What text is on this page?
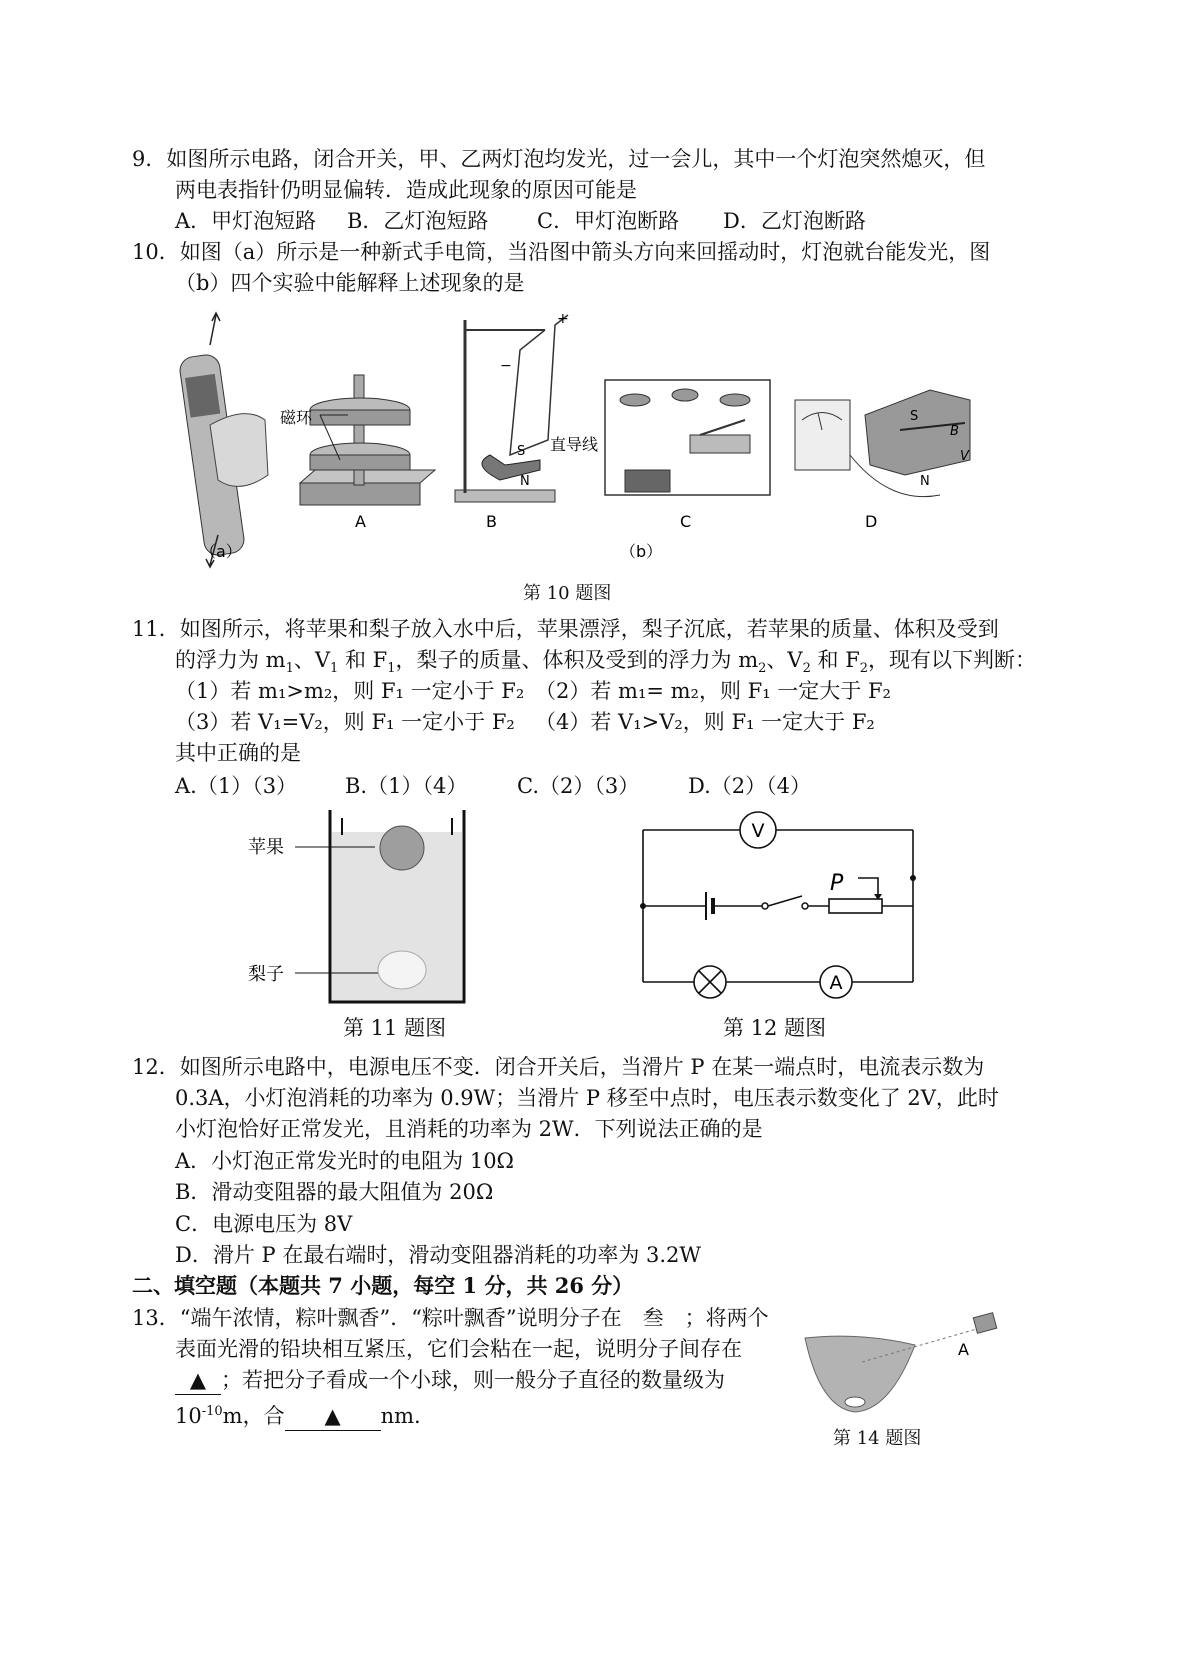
9．如图所示电路，闭合开关，甲、乙两灯泡均发光，过一会儿，其中一个灯泡突然熄灭，但
两电表指针仍明显偏转．造成此现象的原因可能是
A．甲灯泡短路 B．乙灯泡短路 C．甲灯泡断路 D．乙灯泡断路
10．如图（a）所示是一种新式手电筒，当沿图中箭头方向来回摇动时，灯泡就台能发光，图
（b）四个实验中能解释上述现象的是
磁环
S
N
直导线
+
−
S
N
B
V
A	B	C	D
（a）	（b）
第 10 题图
11．如图所示，将苹果和梨子放入水中后，苹果漂浮，梨子沉底，若苹果的质量、体积及受到
的浮力为 $m_1$、$V_1$ 和 $F_1$，梨子的质量、体积及受到的浮力为 $m_2$、$V_2$ 和 $F_2$，现有以下判断：
（1）若 m₁>m₂，则 F₁ 一定小于 F₂ （2）若 m₁= m₂，则 F₁ 一定大于 F₂
（3）若 V₁=V₂，则 F₁ 一定小于 F₂ （4）若 V₁>V₂，则 F₁ 一定大于 F₂
其中正确的是
A.（1）（3） B.（1）（4） C.（2）（3） D.（2）（4）
苹果
梨子
第 11 题图
V
A
P
第 12 题图
12．如图所示电路中，电源电压不变．闭合开关后，当滑片 P 在某一端点时，电流表示数为
0.3A，小灯泡消耗的功率为 0.9W；当滑片 P 移至中点时，电压表示数变化了 2V，此时
小灯泡恰好正常发光，且消耗的功率为 2W．下列说法正确的是
A．小灯泡正常发光时的电阻为 10Ω
B．滑动变阻器的最大阻值为 20Ω
C．电源电压为 8V
D．滑片 P 在最右端时，滑动变阻器消耗的功率为 3.2W
二、填空题（本题共 7 小题，每空 1 分，共 26 分）
13．“端午浓情，粽叶飘香”．“粽叶飘香”说明分子在　叁　；将两个
表面光滑的铅块相互紧压，它们会粘在一起，说明分子间存在
▲ ；若把分子看成一个小球，则一般分子直径的数量级为
$10^{-10}m$，合 ▲ nm.
A
第 14 题图
